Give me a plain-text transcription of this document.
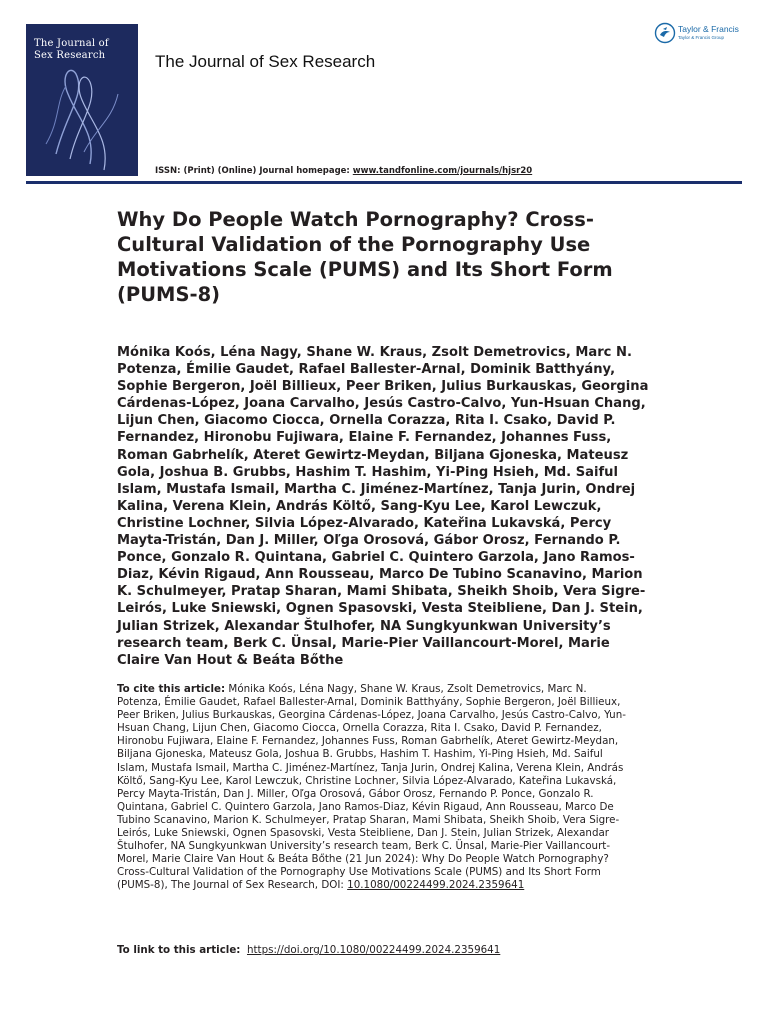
The Journal of
Sex Research	The Journal of Sex Research
Taylor & Francis
Taylor & Francis Group
ISSN: (Print) (Online) Journal homepage: www.tandfonline.com/journals/hjsr20
Why Do People Watch Pornography? Cross-Cultural Validation of the Pornography Use Motivations Scale (PUMS) and Its Short Form (PUMS-8)

Mónika Koós, Léna Nagy, Shane W. Kraus, Zsolt Demetrovics, Marc N. Potenza, Émilie Gaudet, Rafael Ballester-Arnal, Dominik Batthyány, Sophie Bergeron, Joël Billieux, Peer Briken, Julius Burkauskas, Georgina Cárdenas-López, Joana Carvalho, Jesús Castro-Calvo, Yun-Hsuan Chang, Lijun Chen, Giacomo Ciocca, Ornella Corazza, Rita I. Csako, David P. Fernandez, Hironobu Fujiwara, Elaine F. Fernandez, Johannes Fuss, Roman Gabrhelík, Ateret Gewirtz-Meydan, Biljana Gjoneska, Mateusz Gola, Joshua B. Grubbs, Hashim T. Hashim, Yi-Ping Hsieh, Md. Saiful Islam, Mustafa Ismail, Martha C. Jiménez-Martínez, Tanja Jurin, Ondrej Kalina, Verena Klein, András Költő, Sang-Kyu Lee, Karol Lewczuk, Christine Lochner, Silvia López-Alvarado, Kateřina Lukavská, Percy Mayta-Tristán, Dan J. Miller, Oľga Orosová, Gábor Orosz, Fernando P. Ponce, Gonzalo R. Quintana, Gabriel C. Quintero Garzola, Jano Ramos-Diaz, Kévin Rigaud, Ann Rousseau, Marco De Tubino Scanavino, Marion K. Schulmeyer, Pratap Sharan, Mami Shibata, Sheikh Shoib, Vera Sigre-Leirós, Luke Sniewski, Ognen Spasovski, Vesta Steibliene, Dan J. Stein, Julian Strizek, Alexandar Štulhofer, NA Sungkyunkwan University’s research team, Berk C. Ünsal, Marie-Pier Vaillancourt-Morel, Marie Claire Van Hout & Beáta Bőthe

To cite this article: Mónika Koós, Léna Nagy, Shane W. Kraus, Zsolt Demetrovics, Marc N. Potenza, Émilie Gaudet, Rafael Ballester-Arnal, Dominik Batthyány, Sophie Bergeron, Joël Billieux, Peer Briken, Julius Burkauskas, Georgina Cárdenas-López, Joana Carvalho, Jesús Castro-Calvo, Yun-Hsuan Chang, Lijun Chen, Giacomo Ciocca, Ornella Corazza, Rita I. Csako, David P. Fernandez, Hironobu Fujiwara, Elaine F. Fernandez, Johannes Fuss, Roman Gabrhelík, Ateret Gewirtz-Meydan, Biljana Gjoneska, Mateusz Gola, Joshua B. Grubbs, Hashim T. Hashim, Yi-Ping Hsieh, Md. Saiful Islam, Mustafa Ismail, Martha C. Jiménez-Martínez, Tanja Jurin, Ondrej Kalina, Verena Klein, András Költő, Sang-Kyu Lee, Karol Lewczuk, Christine Lochner, Silvia López-Alvarado, Kateřina Lukavská, Percy Mayta-Tristán, Dan J. Miller, Oľga Orosová, Gábor Orosz, Fernando P. Ponce, Gonzalo R. Quintana, Gabriel C. Quintero Garzola, Jano Ramos-Diaz, Kévin Rigaud, Ann Rousseau, Marco De Tubino Scanavino, Marion K. Schulmeyer, Pratap Sharan, Mami Shibata, Sheikh Shoib, Vera Sigre-Leirós, Luke Sniewski, Ognen Spasovski, Vesta Steibliene, Dan J. Stein, Julian Strizek, Alexandar Štulhofer, NA Sungkyunkwan University’s research team, Berk C. Ünsal, Marie-Pier Vaillancourt-Morel, Marie Claire Van Hout & Beáta Bőthe (21 Jun 2024): Why Do People Watch Pornography? Cross-Cultural Validation of the Pornography Use Motivations Scale (PUMS) and Its Short Form (PUMS-8), The Journal of Sex Research, DOI: 10.1080/00224499.2024.2359641

To link to this article: https://doi.org/10.1080/00224499.2024.2359641
